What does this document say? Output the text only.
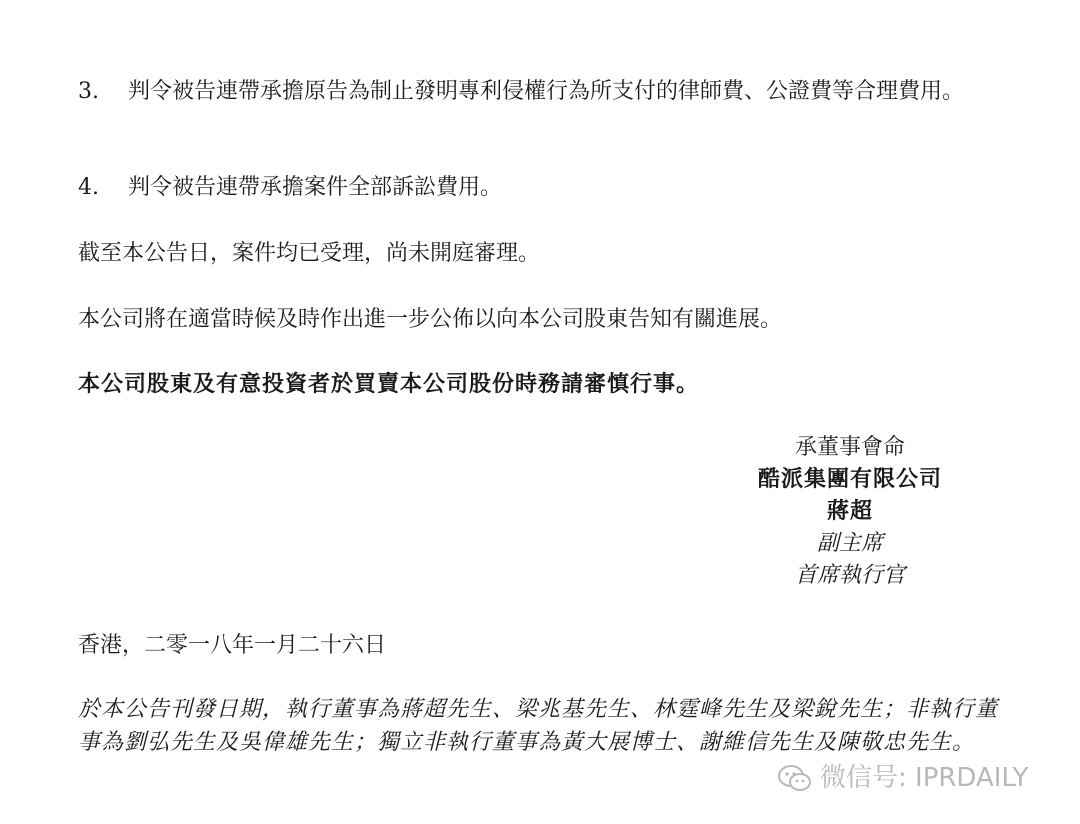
3.	判令被告連帶承擔原告為制止發明專利侵權行為所支付的律師費、公證費等合理費用。
4.	判令被告連帶承擔案件全部訴訟費用。
截至本公告日，案件均已受理，尚未開庭審理。
本公司將在適當時候及時作出進一步公佈以向本公司股東告知有關進展。
本公司股東及有意投資者於買賣本公司股份時務請審慎行事。
承董事會命
酷派集團有限公司
蔣超
副主席
首席執行官
香港，二零一八年一月二十六日
於本公告刊發日期，執行董事為蔣超先生、梁兆基先生、林霆峰先生及梁銳先生；非執行董事為劉弘先生及吳偉雄先生；獨立非執行董事為黃大展博士、謝維信先生及陳敬忠先生。
微信号: IPRDAILY
